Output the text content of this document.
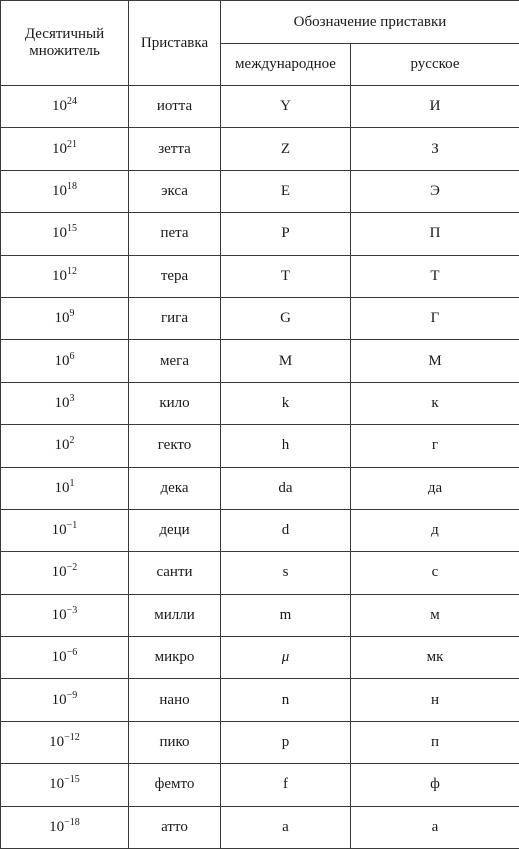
Десятичный
множитель	Приставка	Обозначение приставки	
		международное	русское
$10^{24}$	иотта	Y	И
$10^{21}$	зетта	Z	З
$10^{18}$	экса	E	Э
$10^{15}$	пета	P	П
$10^{12}$	тера	T	Т
$10^9$	гига	G	Г
$10^6$	мега	M	М
$10^3$	кило	k	к
$10^2$	гекто	h	г
$10^1$	дека	da	да
$10^{-1}$	деци	d	д
$10^{-2}$	санти	s	с
$10^{-3}$	милли	m	м
$10^{-6}$	микро	μ	мк
$10^{-9}$	нано	n	н
$10^{-12}$	пико	p	п
$10^{-15}$	фемто	f	ф
$10^{-18}$	атто	a	а
